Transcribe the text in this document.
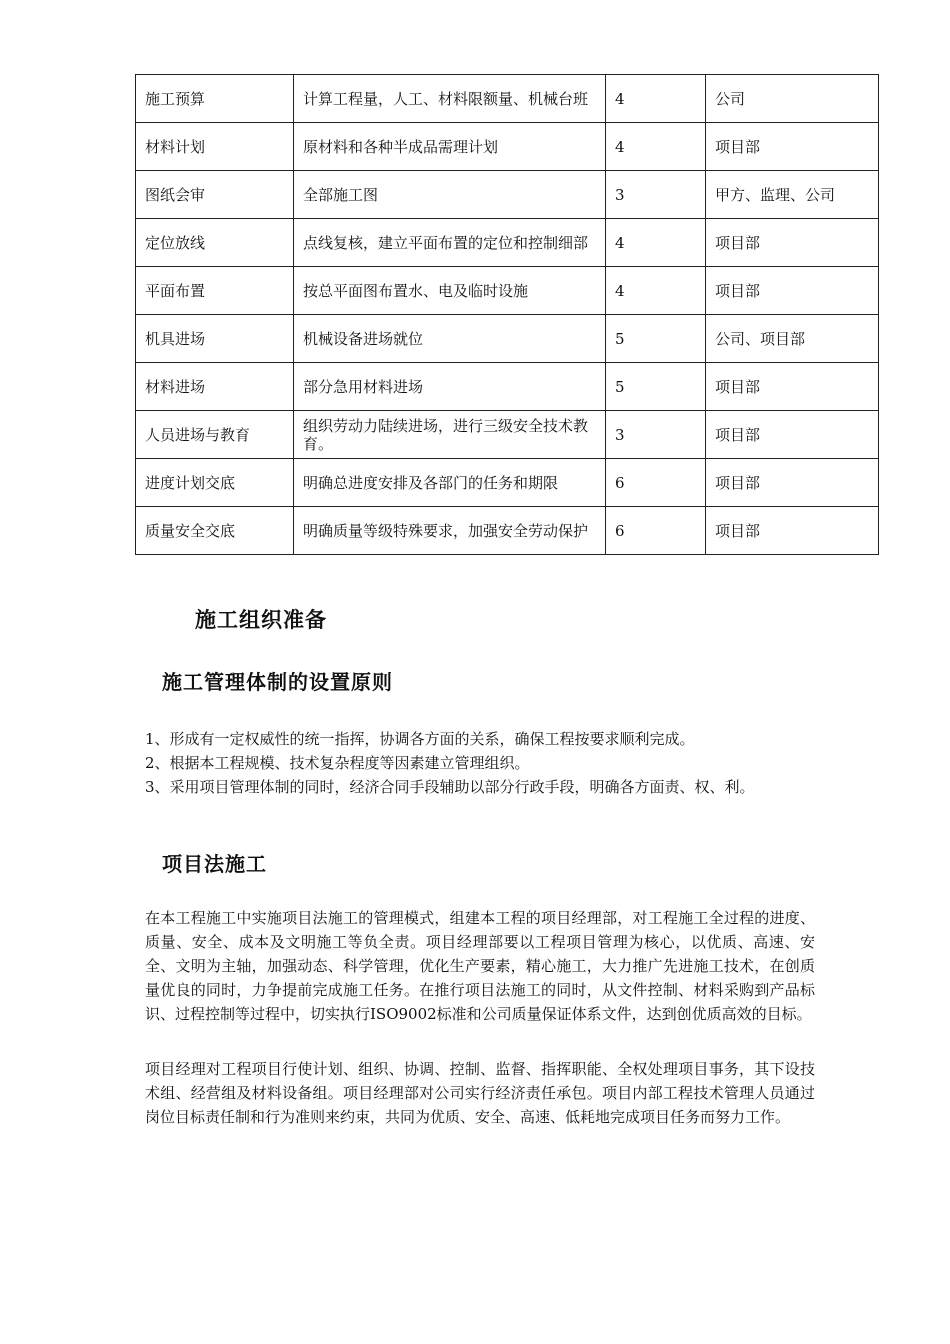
施工预算	计算工程量，人工、材料限额量、机械台班	4	公司
材料计划	原材料和各种半成品需理计划	4	项目部
图纸会审	全部施工图	3	甲方、监理、公司
定位放线	点线复核，建立平面布置的定位和控制细部	4	项目部
平面布置	按总平面图布置水、电及临时设施	4	项目部
机具进场	机械设备进场就位	5	公司、项目部
材料进场	部分急用材料进场	5	项目部
人员进场与教育	组织劳动力陆续进场，进行三级安全技术教育。	3	项目部
进度计划交底	明确总进度安排及各部门的任务和期限	6	项目部
质量安全交底	明确质量等级特殊要求，加强安全劳动保护	6	项目部
施工组织准备
施工管理体制的设置原则
1、形成有一定权威性的统一指挥，协调各方面的关系，确保工程按要求顺利完成。
2、根据本工程规模、技术复杂程度等因素建立管理组织。
3、采用项目管理体制的同时，经济合同手段辅助以部分行政手段，明确各方面责、权、利。
项目法施工

在本工程施工中实施项目法施工的管理模式，组建本工程的项目经理部，对工程施工全过程的进度、质量、安全、成本及文明施工等负全责。项目经理部要以工程项目管理为核心，以优质、高速、安全、文明为主轴，加强动态、科学管理，优化生产要素，精心施工，大力推广先进施工技术，在创质量优良的同时，力争提前完成施工任务。在推行项目法施工的同时，从文件控制、材料采购到产品标识、过程控制等过程中，切实执行ISO9002标准和公司质量保证体系文件，达到创优质高效的目标。

项目经理对工程项目行使计划、组织、协调、控制、监督、指挥职能、全权处理项目事务，其下设技术组、经营组及材料设备组。项目经理部对公司实行经济责任承包。项目内部工程技术管理人员通过岗位目标责任制和行为准则来约束，共同为优质、安全、高速、低耗地完成项目任务而努力工作。
